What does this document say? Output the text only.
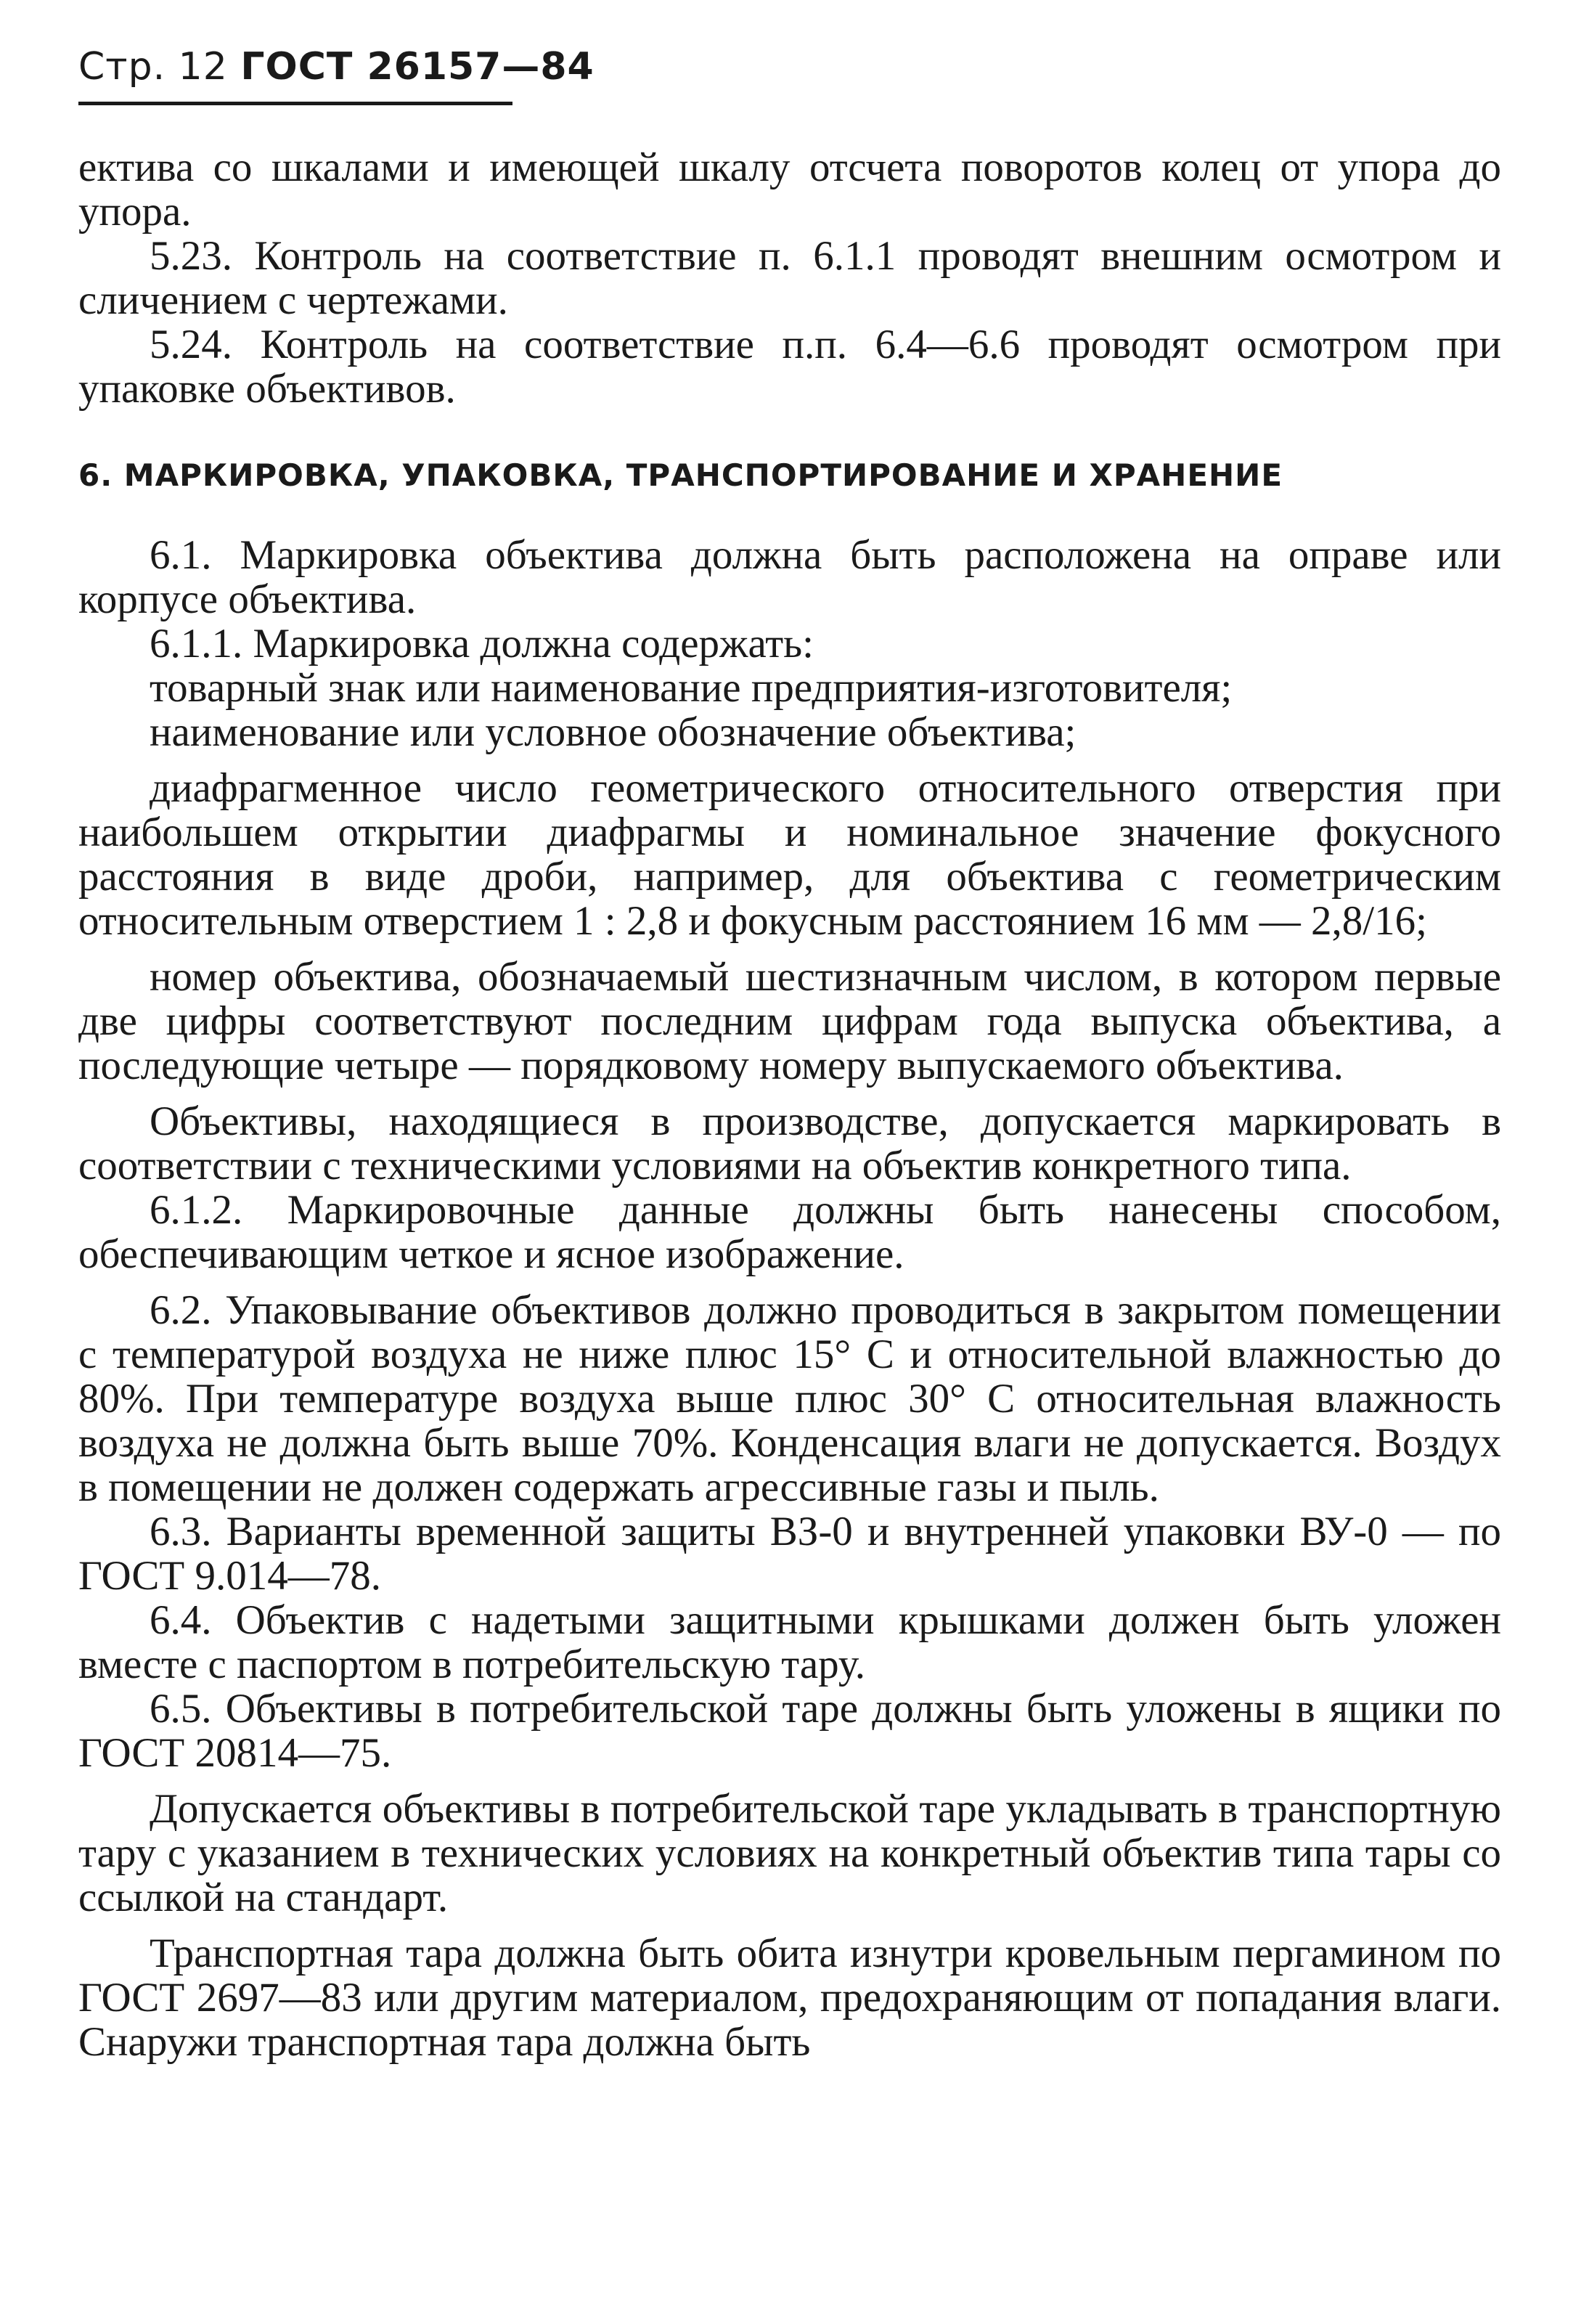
Стр. 12 ГОСТ 26157—84

ектива со шкалами и имеющей шкалу отсчета поворотов колец от упора до упора.

5.23. Контроль на соответствие п. 6.1.1 проводят внешним осмотром и сличением с чертежами.

5.24. Контроль на соответствие п.п. 6.4—6.6 проводят осмотром при упаковке объективов.

6. МАРКИРОВКА, УПАКОВКА, ТРАНСПОРТИРОВАНИЕ И ХРАНЕНИЕ

6.1. Маркировка объектива должна быть расположена на оправе или корпусе объектива.

6.1.1. Маркировка должна содержать:

товарный знак или наименование предприятия-изготовителя;

наименование или условное обозначение объектива;

диафрагменное число геометрического относительного отверстия при наибольшем открытии диафрагмы и номинальное значение фокусного расстояния в виде дроби, например, для объектива с геометрическим относительным отверстием 1 : 2,8 и фокусным расстоянием 16 мм — 2,8/16;

номер объектива, обозначаемый шестизначным числом, в котором первые две цифры соответствуют последним цифрам года выпуска объектива, а последующие четыре — порядковому номеру выпускаемого объектива.

Объективы, находящиеся в производстве, допускается маркировать в соответствии с техническими условиями на объектив конкретного типа.

6.1.2. Маркировочные данные должны быть нанесены способом, обеспечивающим четкое и ясное изображение.

6.2. Упаковывание объективов должно проводиться в закрытом помещении с температурой воздуха не ниже плюс 15° С и относительной влажностью до 80%. При температуре воздуха выше плюс 30° С относительная влажность воздуха не должна быть выше 70%. Конденсация влаги не допускается. Воздух в помещении не должен содержать агрессивные газы и пыль.

6.3. Варианты временной защиты ВЗ-0 и внутренней упаковки ВУ-0 — по ГОСТ 9.014—78.

6.4. Объектив с надетыми защитными крышками должен быть уложен вместе с паспортом в потребительскую тару.

6.5. Объективы в потребительской таре должны быть уложены в ящики по ГОСТ 20814—75.

Допускается объективы в потребительской таре укладывать в транспортную тару с указанием в технических условиях на конкретный объектив типа тары со ссылкой на стандарт.

Транспортная тара должна быть обита изнутри кровельным пергамином по ГОСТ 2697—83 или другим материалом, предохраняющим от попадания влаги. Снаружи транспортная тара должна быть
